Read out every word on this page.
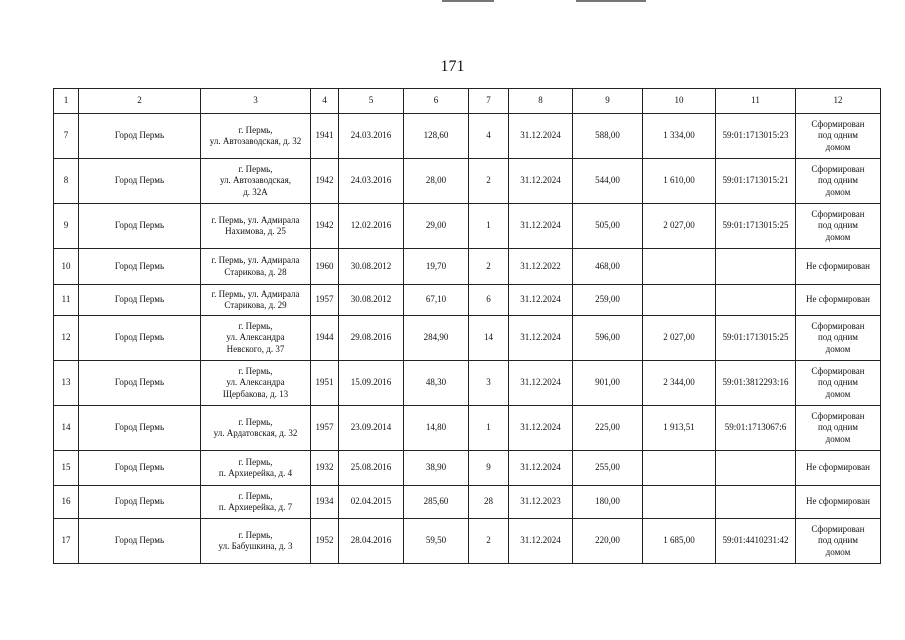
171
1	2	3	4	5	6	7	8	9	10	11	12
7	Город Пермь	г. Пермь,
ул. Автозаводская, д. 32	1941	24.03.2016	128,60	4	31.12.2024	588,00	1 334,00	59:01:1713015:23	Сформирован
под одним
домом
8	Город Пермь	г. Пермь,
ул. Автозаводская,
д. 32А	1942	24.03.2016	28,00	2	31.12.2024	544,00	1 610,00	59:01:1713015:21	Сформирован
под одним
домом
9	Город Пермь	г. Пермь, ул. Адмирала
Нахимова, д. 25	1942	12.02.2016	29,00	1	31.12.2024	505,00	2 027,00	59:01:1713015:25	Сформирован
под одним
домом
10	Город Пермь	г. Пермь, ул. Адмирала
Старикова, д. 28	1960	30.08.2012	19,70	2	31.12.2022	468,00			Не сформирован
11	Город Пермь	г. Пермь, ул. Адмирала
Старикова, д. 29	1957	30.08.2012	67,10	6	31.12.2024	259,00			Не сформирован
12	Город Пермь	г. Пермь,
ул. Александра
Невского, д. 37	1944	29.08.2016	284,90	14	31.12.2024	596,00	2 027,00	59:01:1713015:25	Сформирован
под одним
домом
13	Город Пермь	г. Пермь,
ул. Александра
Щербакова, д. 13	1951	15.09.2016	48,30	3	31.12.2024	901,00	2 344,00	59:01:3812293:16	Сформирован
под одним
домом
14	Город Пермь	г. Пермь,
ул. Ардатовская, д. 32	1957	23.09.2014	14,80	1	31.12.2024	225,00	1 913,51	59:01:1713067:6	Сформирован
под одним
домом
15	Город Пермь	г. Пермь,
п. Архиерейка, д. 4	1932	25.08.2016	38,90	9	31.12.2024	255,00			Не сформирован
16	Город Пермь	г. Пермь,
п. Архиерейка, д. 7	1934	02.04.2015	285,60	28	31.12.2023	180,00			Не сформирован
17	Город Пермь	г. Пермь,
ул. Бабушкина, д. 3	1952	28.04.2016	59,50	2	31.12.2024	220,00	1 685,00	59:01:4410231:42	Сформирован
под одним
домом
